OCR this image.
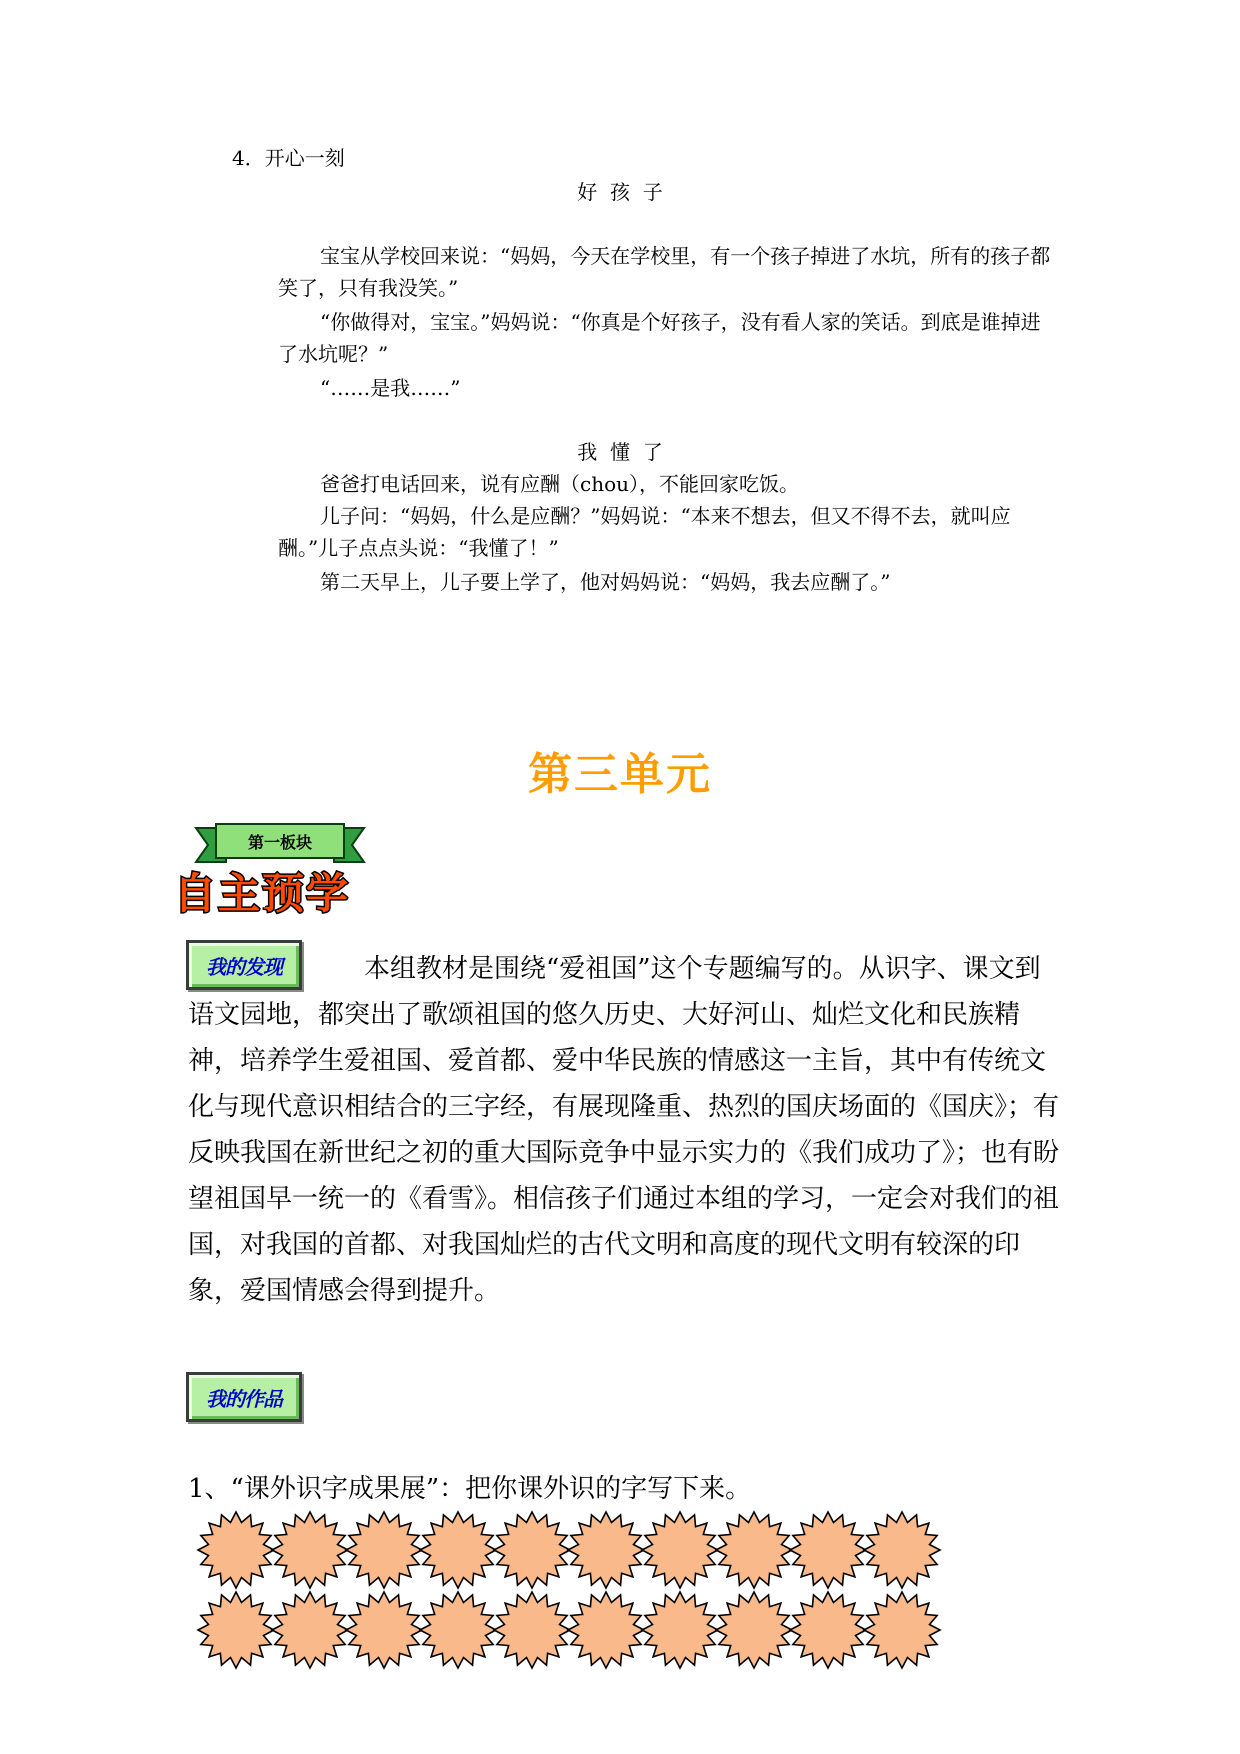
4．开心一刻
好  孩  子
宝宝从学校回来说：“妈妈，今天在学校里，有一个孩子掉进了水坑，所有的孩子都笑了，只有我没笑。”
“你做得对，宝宝。”妈妈说：“你真是个好孩子，没有看人家的笑话。到底是谁掉进了水坑呢？”
“……是我……”
我  懂  了
爸爸打电话回来，说有应酬（chou），不能回家吃饭。
儿子问：“妈妈，什么是应酬？”妈妈说：“本来不想去，但又不得不去，就叫应酬。”儿子点点头说：“我懂了！”
第二天早上，儿子要上学了，他对妈妈说：“妈妈，我去应酬了。”
第三单元
第一板块
自主预学
我的发现	本组教材是围绕“爱祖国”这个专题编写的。从识字、课文到语文园地，都突出了歌颂祖国的悠久历史、大好河山、灿烂文化和民族精神，培养学生爱祖国、爱首都、爱中华民族的情感这一主旨，其中有传统文化与现代意识相结合的三字经，有展现隆重、热烈的国庆场面的《国庆》；有反映我国在新世纪之初的重大国际竞争中显示实力的《我们成功了》；也有盼望祖国早一统一的《看雪》。相信孩子们通过本组的学习，一定会对我们的祖国，对我国的首都、对我国灿烂的古代文明和高度的现代文明有较深的印象，爱国情感会得到提升。
我的作品
1、“课外识字成果展”：把你课外识的字写下来。
